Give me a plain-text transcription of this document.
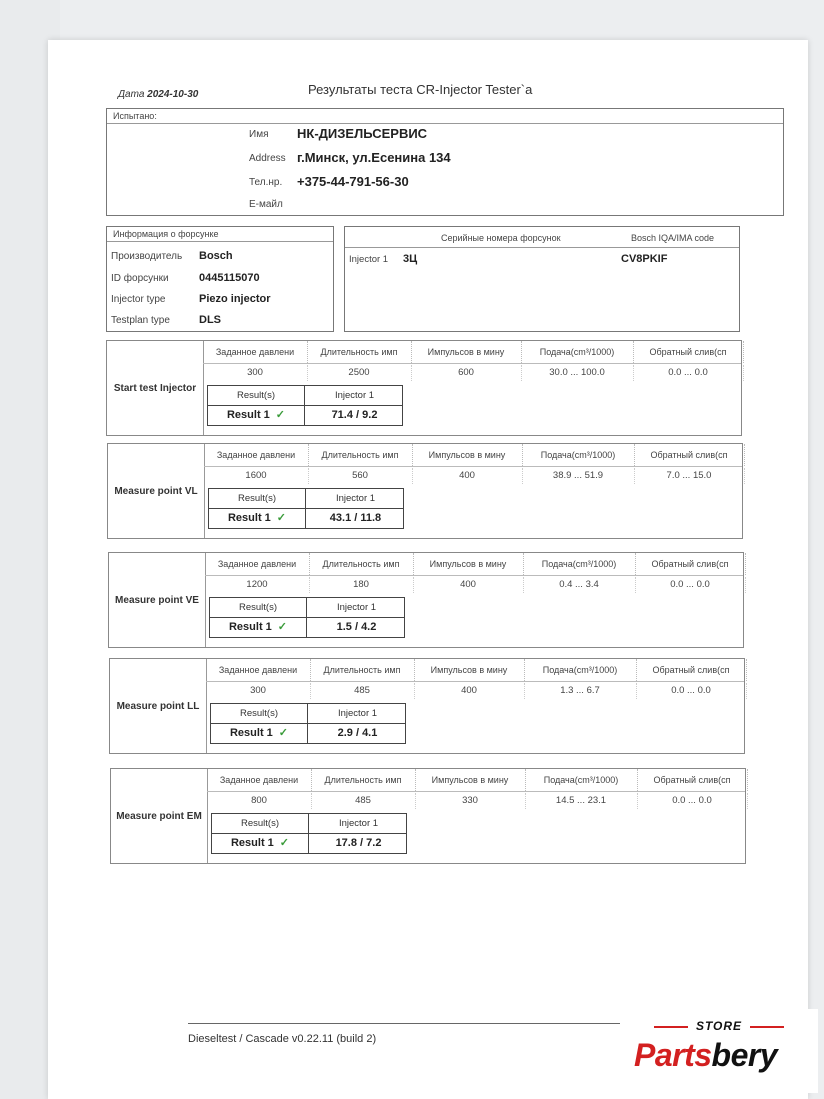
Дата 2024-10-30	Результаты теста CR-Injector Tester`a
Испытано:
Имя НК-ДИЗЕЛЬСЕРВИС
Address г.Минск, ул.Есенина 134
Тел.нр. +375-44-791-56-30
E-майл
Информация о форсунке
Производитель Bosch
ID форсунки	0445115070
Injector type	Piezo injector
Testplan type	DLS
Серийные номера форсунок	Bosch IQA/IMA code
Injector 1 3Ц	CV8PKIF
Start test Injector
Заданное давлени	Длительность имп	Импульсов в мину	Подача(cm³/1000)	Обратный слив(сп
300	2500	600	30.0 ... 100.0	0.0 ... 0.0
Result(s)	Injector 1
Result 1 ✓	71.4 / 9.2
Measure point VL
Заданное давлени	Длительность имп	Импульсов в мину	Подача(cm³/1000)	Обратный слив(сп
1600	560	400	38.9 ... 51.9	7.0 ... 15.0
Result(s)	Injector 1
Result 1 ✓	43.1 / 11.8
Measure point VE
Заданное давлени	Длительность имп	Импульсов в мину	Подача(cm³/1000)	Обратный слив(сп
1200	180	400	0.4 ... 3.4	0.0 ... 0.0
Result(s)	Injector 1
Result 1 ✓	1.5 / 4.2
Measure point LL
Заданное давлени	Длительность имп	Импульсов в мину	Подача(cm³/1000)	Обратный слив(сп
300	485	400	1.3 ... 6.7	0.0 ... 0.0
Result(s)	Injector 1
Result 1 ✓	2.9 / 4.1
Measure point EM
Заданное давлени	Длительность имп	Импульсов в мину	Подача(cm³/1000)	Обратный слив(сп
800	485	330	14.5 ... 23.1	0.0 ... 0.0
Result(s)	Injector 1
Result 1 ✓	17.8 / 7.2
Dieseltest / Cascade v0.22.11 (build 2)
STORE
Partsbery
